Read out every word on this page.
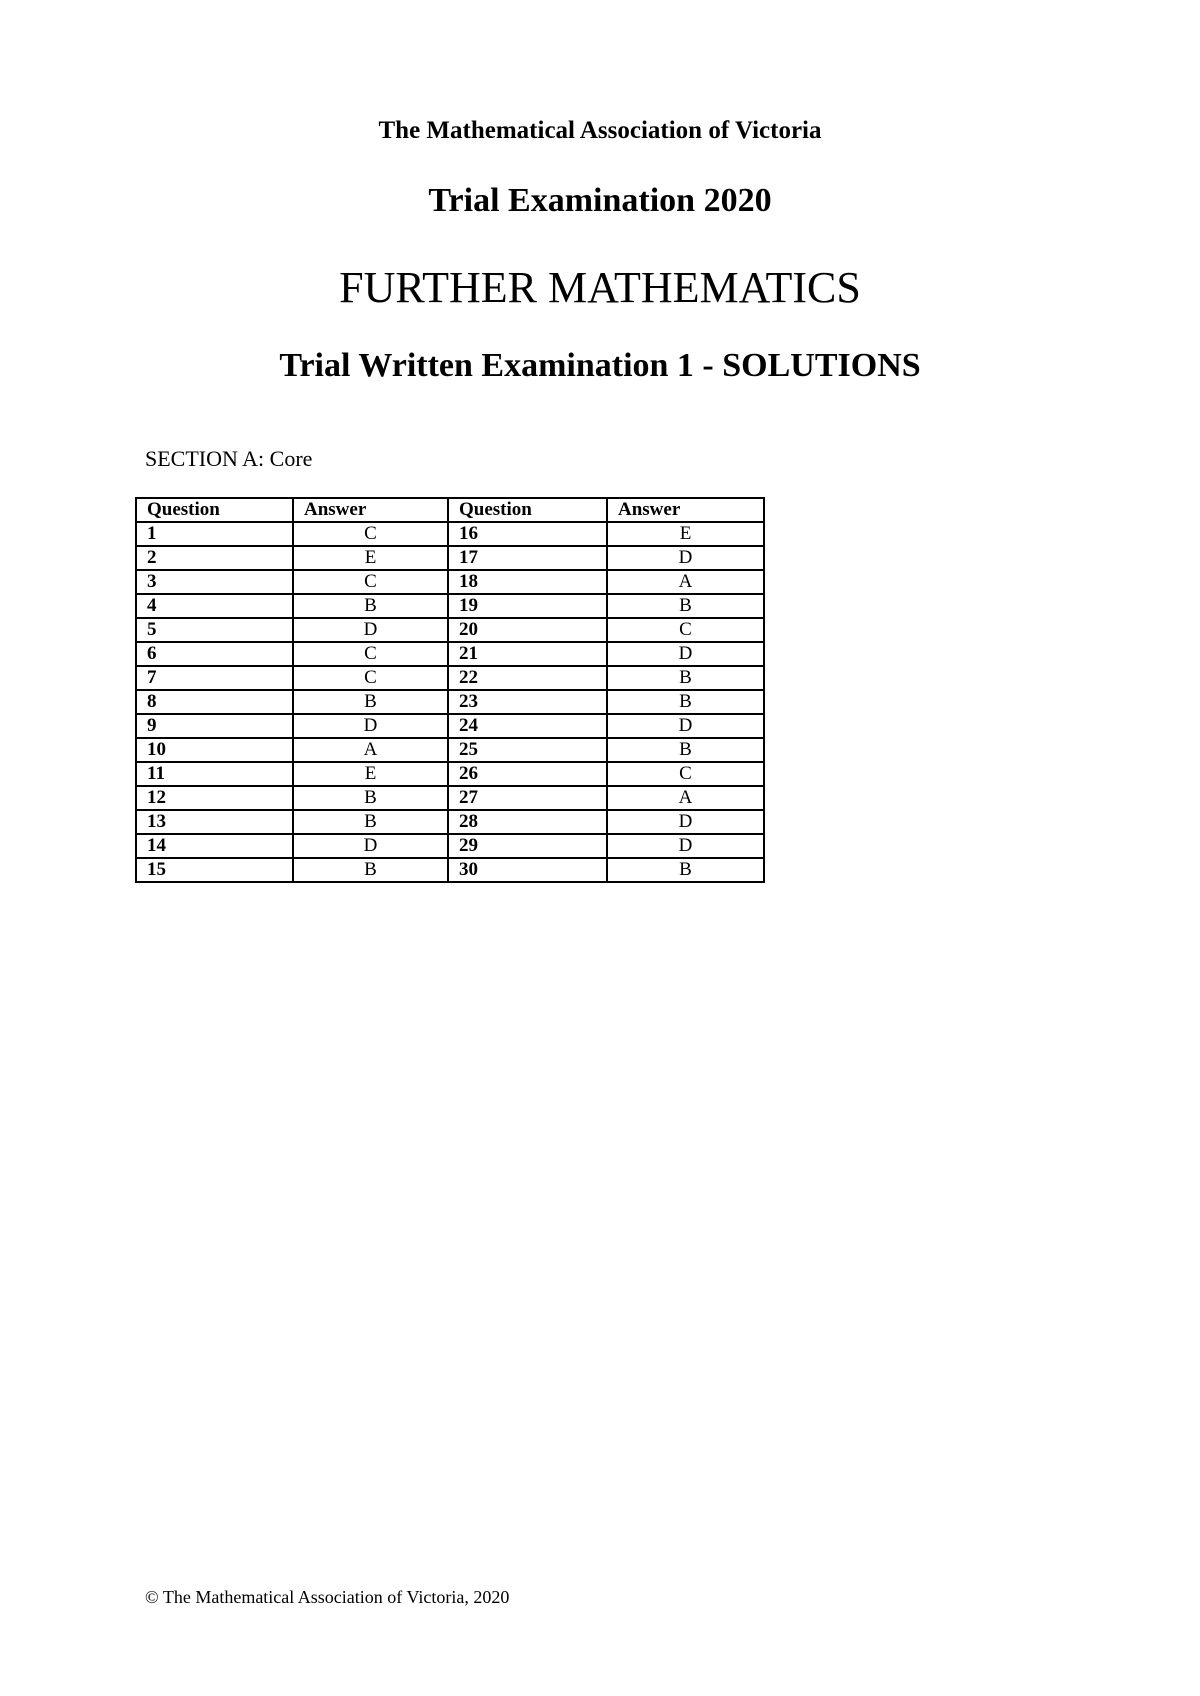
The Mathematical Association of Victoria
Trial Examination 2020
FURTHER MATHEMATICS
Trial Written Examination 1 - SOLUTIONS
SECTION A: Core
Question	Answer	Question	Answer
1	C	16	E
2	E	17	D
3	C	18	A
4	B	19	B
5	D	20	C
6	C	21	D
7	C	22	B
8	B	23	B
9	D	24	D
10	A	25	B
11	E	26	C
12	B	27	A
13	B	28	D
14	D	29	D
15	B	30	B
© The Mathematical Association of Victoria, 2020
